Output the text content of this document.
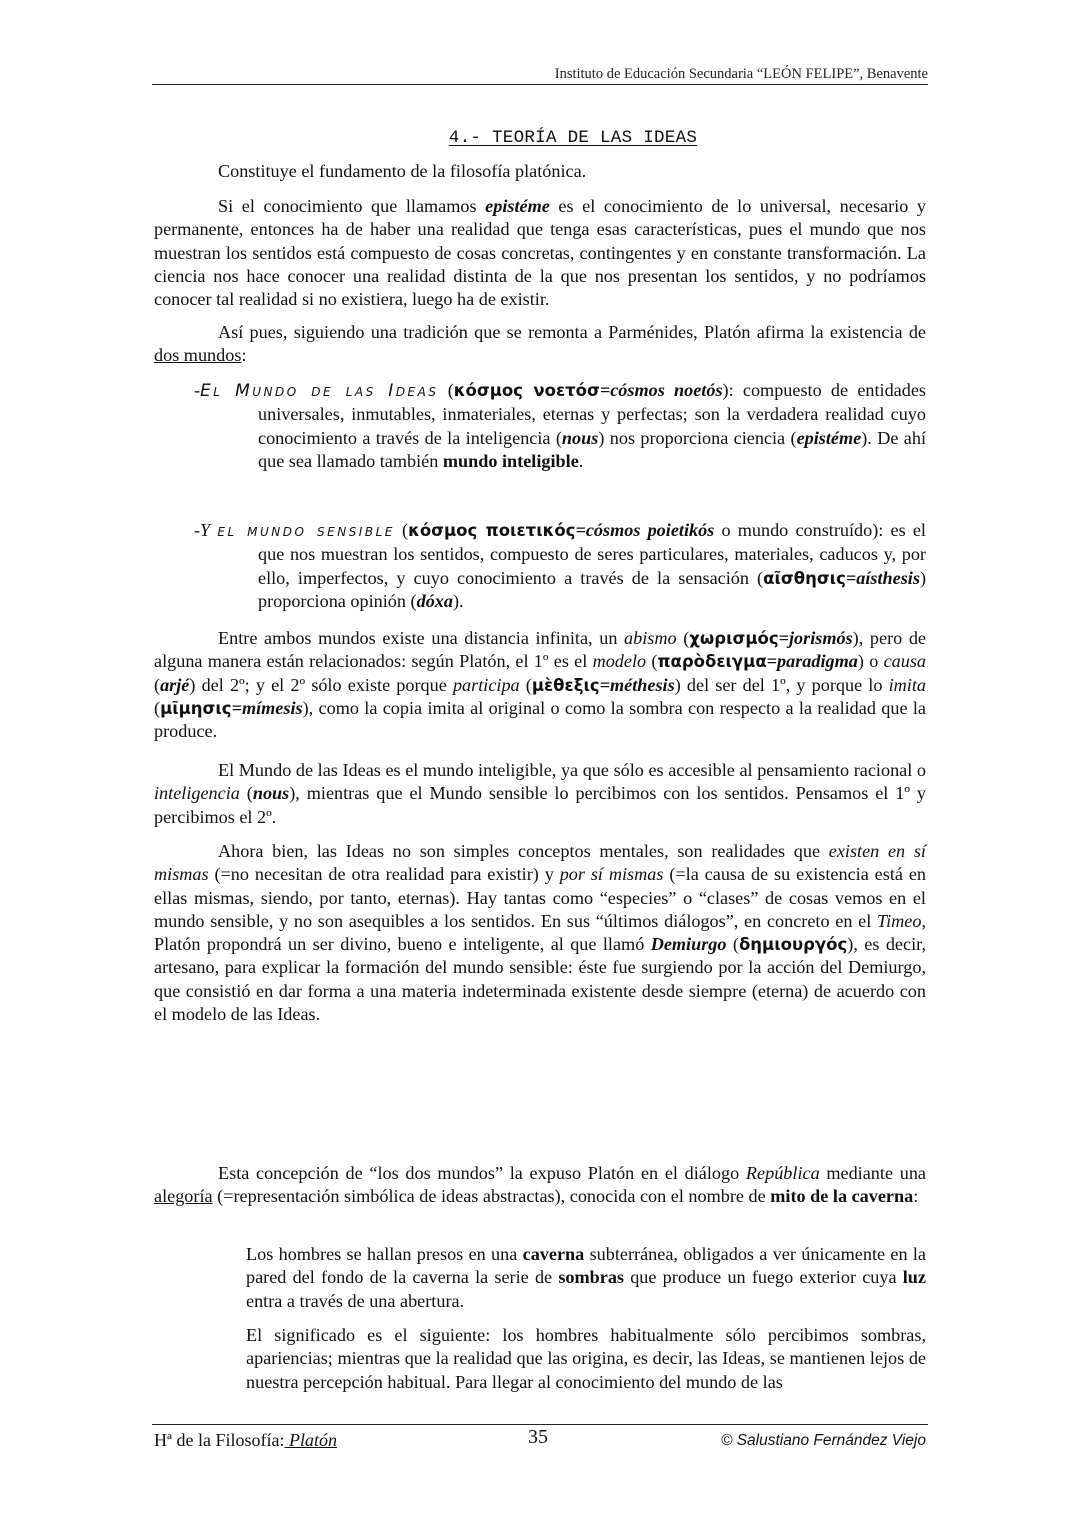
Instituto de Educación Secundaria “LEÓN FELIPE”, Benavente
4.- TEORÍA DE LAS IDEAS

Constituye el fundamento de la filosofía platónica.

Si el conocimiento que llamamos epistéme es el conocimiento de lo universal, necesario y permanente, entonces ha de haber una realidad que tenga esas características, pues el mundo que nos muestran los sentidos está compuesto de cosas concretas, contingentes y en constante transformación. La ciencia nos hace conocer una realidad distinta de la que nos presentan los sentidos, y no podríamos conocer tal realidad si no existiera, luego ha de existir.

Así pues, siguiendo una tradición que se remonta a Parménides, Platón afirma la existencia de dos mundos:

-El Mundo de las Ideas (κόσμος νοετόσ=cósmos noetós): compuesto de entidades universales, inmutables, inmateriales, eternas y perfectas; son la verdadera realidad cuyo conocimiento a través de la inteligencia (nous) nos proporciona ciencia (epistéme). De ahí que sea llamado también mundo inteligible.
-Y el mundo sensible (κόσμος ποιετικός=cósmos poietikós o mundo construído): es el que nos muestran los sentidos, compuesto de seres particulares, materiales, caducos y, por ello, imperfectos, y cuyo conocimiento a través de la sensación (αῖσθησις=aísthesis) proporciona opinión (dóxa).

Entre ambos mundos existe una distancia infinita, un abismo (χωρισμός=jorismós), pero de alguna manera están relacionados: según Platón, el 1º es el modelo (παρὸδειγμα=paradigma) o causa (arjé) del 2º; y el 2º sólo existe porque participa (μὲθεξις=méthesis) del ser del 1º, y porque lo imita (μῖμησις=mímesis), como la copia imita al original o como la sombra con respecto a la realidad que la produce.

El Mundo de las Ideas es el mundo inteligible, ya que sólo es accesible al pensamiento racional o inteligencia (nous), mientras que el Mundo sensible lo percibimos con los sentidos. Pensamos el 1º y percibimos el 2º.

Ahora bien, las Ideas no son simples conceptos mentales, son realidades que existen en sí mismas (=no necesitan de otra realidad para existir) y por sí mismas (=la causa de su existencia está en ellas mismas, siendo, por tanto, eternas). Hay tantas como “especies” o “clases” de cosas vemos en el mundo sensible, y no son asequibles a los sentidos. En sus “últimos diálogos”, en concreto en el Timeo, Platón propondrá un ser divino, bueno e inteligente, al que llamó Demiurgo (δημιουργός), es decir, artesano, para explicar la formación del mundo sensible: éste fue surgiendo por la acción del Demiurgo, que consistió en dar forma a una materia indeterminada existente desde siempre (eterna) de acuerdo con el modelo de las Ideas.

Esta concepción de “los dos mundos” la expuso Platón en el diálogo República mediante una alegoría (=representación simbólica de ideas abstractas), conocida con el nombre de mito de la caverna:

Los hombres se hallan presos en una caverna subterránea, obligados a ver únicamente en la pared del fondo de la caverna la serie de sombras que produce un fuego exterior cuya luz entra a través de una abertura.

El significado es el siguiente: los hombres habitualmente sólo percibimos sombras, apariencias; mientras que la realidad que las origina, es decir, las Ideas, se mantienen lejos de nuestra percepción habitual. Para llegar al conocimiento del mundo de las

Hª de la Filosofía: Platón	35	© Salustiano Fernández Viejo
